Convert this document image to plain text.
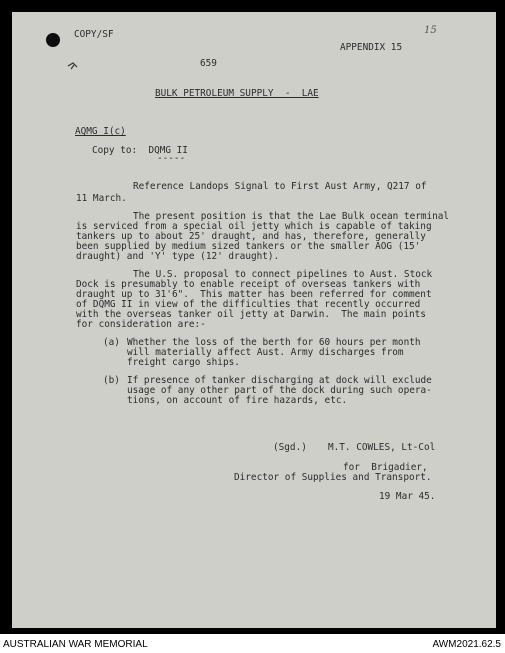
COPY/SF
APPENDIX 15
15
659
BULK PETROLEUM SUPPLY  -  LAE
AQMG I(c)
Copy to:  DQMG II
-----
Reference Landops Signal to First Aust Army, Q217 of
11 March.
The present position is that the Lae Bulk ocean terminal
is serviced from a special oil jetty which is capable of taking
tankers up to about 25' draught, and has, therefore, generally
been supplied by medium sized tankers or the smaller AOG (15'
draught) and 'Y' type (12' draught).
The U.S. proposal to connect pipelines to Aust. Stock
Dock is presumably to enable receipt of overseas tankers with
draught up to 31'6".  This matter has been referred for comment
of DQMG II in view of the difficulties that recently occurred
with the overseas tanker oil jetty at Darwin.  The main points
for consideration are:-
(a) Whether the loss of the berth for 60 hours per month
will materially affect Aust. Army discharges from
freight cargo ships.
(b) If presence of tanker discharging at dock will exclude
usage of any other part of the dock during such opera-
tions, on account of fire hazards, etc.
(Sgd.) M.T. COWLES, Lt-Col
for  Brigadier,
Director of Supplies and Transport.
19 Mar 45.
AUSTRALIAN WAR MEMORIAL	AWM2021.62.5
